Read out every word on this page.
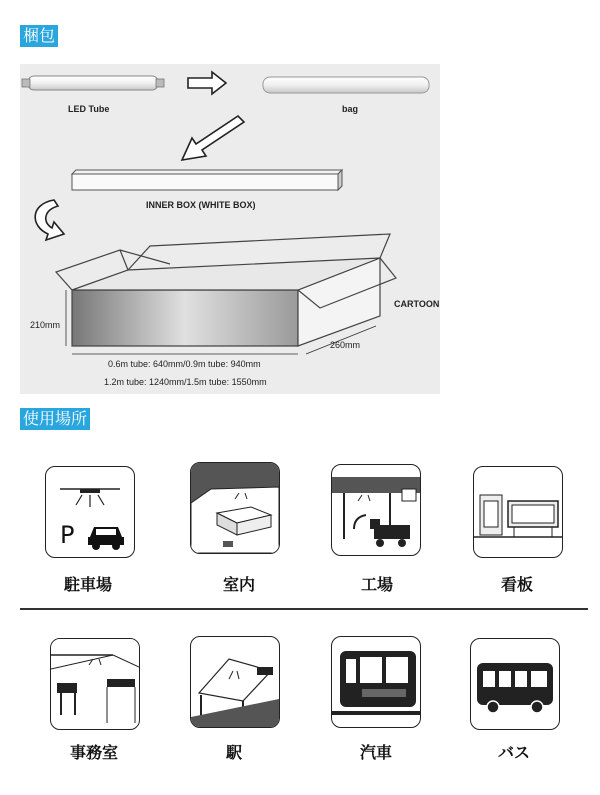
梱包
LED Tube	bag
INNER BOX (WHITE BOX)
CARTOON
210mm
260mm
0.6m tube: 640mm/0.9m tube: 940mm
1.2m tube: 1240mm/1.5m tube: 1550mm
使用場所
P
駐車場	室内	工場	看板
事務室	駅	汽車	バス
